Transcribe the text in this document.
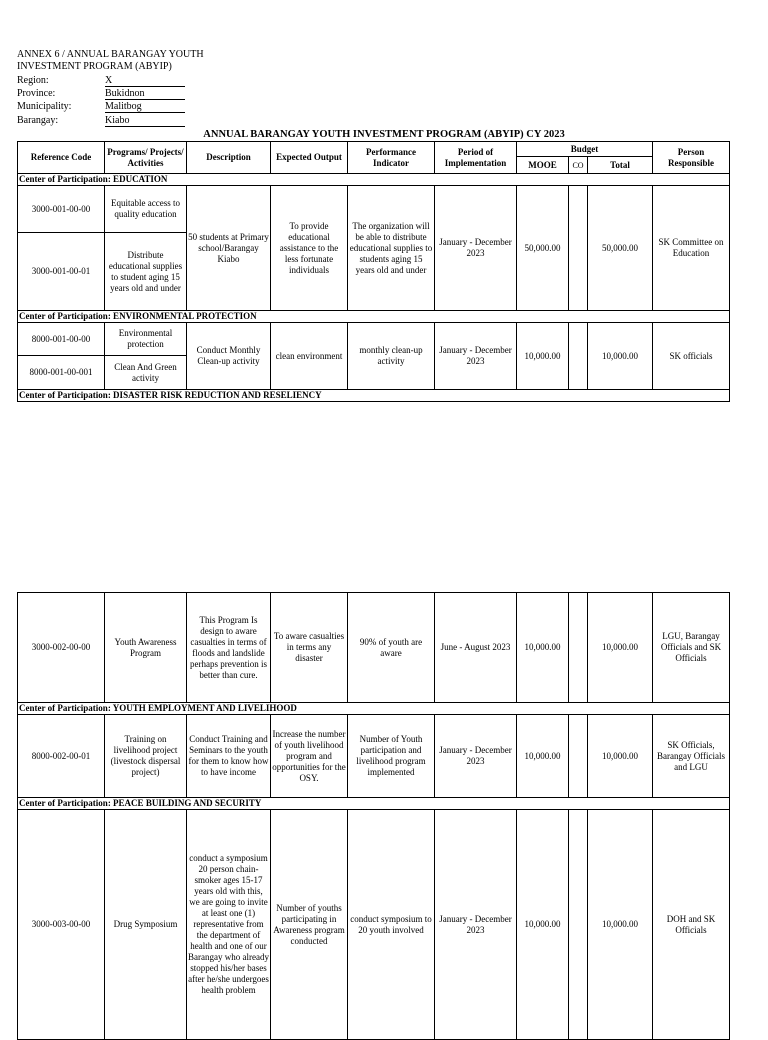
ANNEX 6 / ANNUAL BARANGAY YOUTH
INVESTMENT PROGRAM (ABYIP)
Region:	X
Province:	Bukidnon
Municipality:	Malitbog
Barangay:	Kiabo
ANNUAL BARANGAY YOUTH INVESTMENT PROGRAM (ABYIP) CY 2023
Reference Code	Programs/ Projects/ Activities	Description	Expected Output	Performance Indicator	Period of Implementation	Budget			Person Responsible
						MOOE	CO	Total	
Center of Participation: EDUCATION									
3000-001-00-00	Equitable access to quality education	50 students at Primary school/Barangay Kiabo	To provide educational assistance to the less fortunate individuals	The organization will be able to distribute educational supplies to students aging 15 years old and under	January - December 2023	50,000.00		50,000.00	SK Committee on Education
3000-001-00-01	Distribute educational supplies to student aging 15 years old and under								
Center of Participation: ENVIRONMENTAL PROTECTION									
8000-001-00-00	Environmental protection	Conduct Monthly Clean-up activity	clean environment	monthly clean-up activity	January - December 2023	10,000.00		10,000.00	SK officials
8000-001-00-001	Clean And Green activity								
Center of Participation: DISASTER RISK REDUCTION AND RESELIENCY									
3000-002-00-00	Youth Awareness Program	This Program Is design to aware casualties in terms of floods and landslide perhaps prevention is better than cure.	To aware casualties in terms any disaster	90% of youth are aware	June - August 2023	10,000.00		10,000.00	LGU, Barangay Officials and SK Officials
Center of Participation: YOUTH EMPLOYMENT AND LIVELIHOOD									
8000-002-00-01	Training on livelihood project (livestock dispersal project)	Conduct Training and Seminars to the youth for them to know how to have income	Increase the number of youth livelihood program and opportunities for the OSY.	Number of Youth participation and livelihood program implemented	January - December 2023	10,000.00		10,000.00	SK Officials, Barangay Officials and LGU
Center of Participation: PEACE BUILDING AND SECURITY									
3000-003-00-00	Drug Symposium	conduct a symposium 20 person chain-smoker ages 15-17 years old with this, we are going to invite at least one (1) representative from the department of health and one of our Barangay who already stopped his/her bases after he/she undergoes health problem	Number of youths participating in Awareness program conducted	conduct symposium to 20 youth involved	January - December 2023	10,000.00		10,000.00	DOH and SK Officials
